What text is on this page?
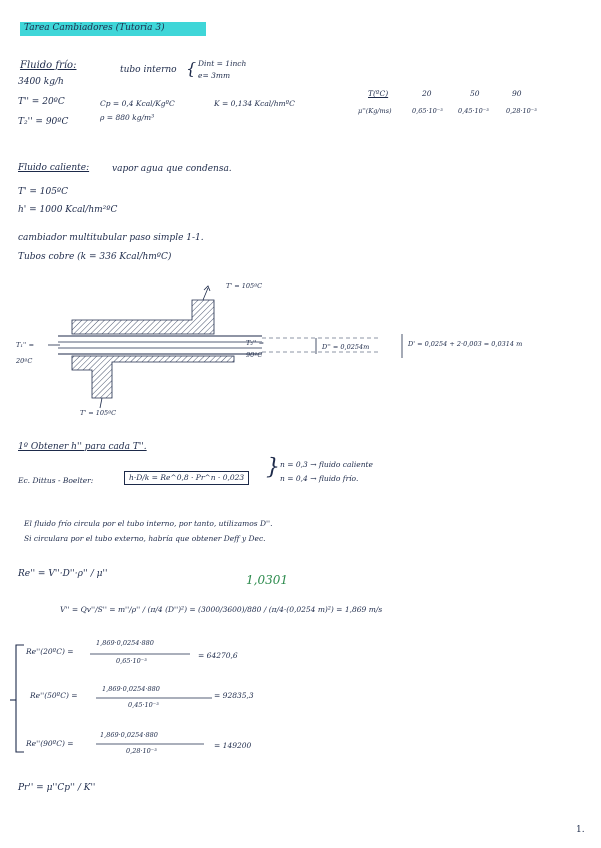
Tarea Cambiadores (Tutoria 3)
Fluido frío:
3400 kg/h
tubo interno { Dint = 1inch
e= 3mm
T'' = 20ºC
T₂'' = 90ºC
Cp = 0,4 Kcal/KgºC
ρ = 880 kg/m³
K = 0,134 Kcal/hmºC
T(ºC)	20	50	90
μ''(Kg/ms)	0,65·10⁻³ 0,45·10⁻³	0,28·10⁻³
Fluido caliente:	vapor agua que condensa.
T' = 105ºC
h' = 1000 Kcal/hm²ºC
cambiador multitubular paso simple 1-1.
Tubos cobre (k = 336 Kcal/hmºC)
T' = 105ºC
T₁'' =
20ºC
T₂'' =
90ºC
D'' = 0,0254m	D' = 0,0254 + 2·0,003 = 0,0314 m
T' = 105ºC
1º Obtener h'' para cada T''.
Ec. Dittus - Boelter:	h·D/k = Re^0,8 · Pr^n · 0,023 } n = 0,3 → fluido caliente
n = 0,4 → fluido frío.
El fluido frío circula por el tubo interno, por tanto, utilizamos D''.
Si circulara por el tubo externo, habría que obtener Deff y Dec.
Re'' = V''·D''·ρ'' / μ''	1,0301
V'' = Qv''/S'' = m''/ρ'' / (π/4 (D'')²) = (3000/3600)/880 / (π/4·(0,0254 m)²) = 1,869 m/s
Re''(20ºC) =
1,869·0,0254·880
0,65·10⁻³
= 64270,6
Re''(50ºC) =
1,869·0,0254·880
0,45·10⁻³
= 92835,3
Re''(90ºC) =
1,869·0,0254·880
0,28·10⁻³
= 149200
Pr'' = μ''Cp'' / K''
1.
